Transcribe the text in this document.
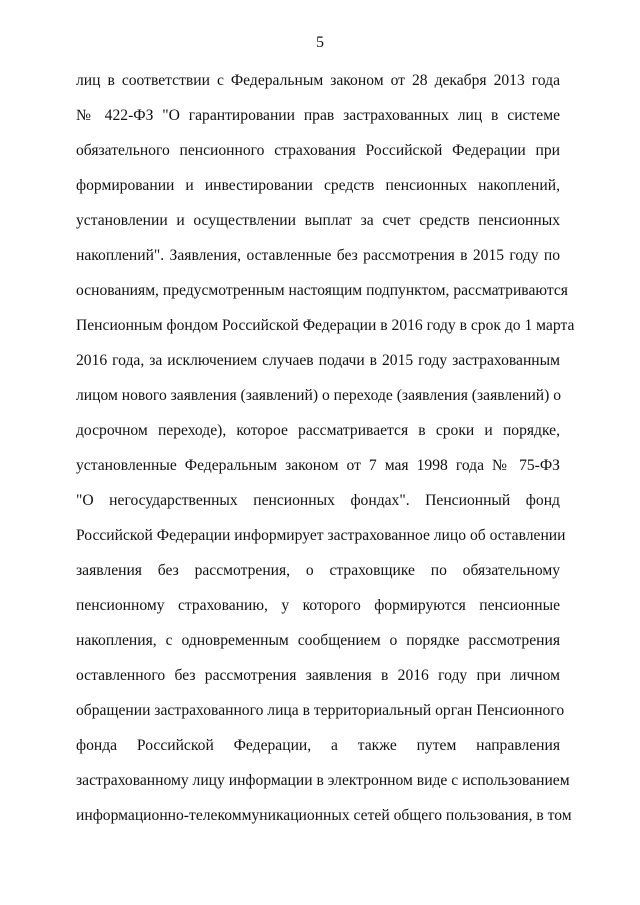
5
лиц в соответствии с Федеральным законом от 28 декабря 2013 года
№ 422-ФЗ "О гарантировании прав застрахованных лиц в системе
обязательного пенсионного страхования Российской Федерации при
формировании и инвестировании средств пенсионных накоплений,
установлении и осуществлении выплат за счет средств пенсионных
накоплений". Заявления, оставленные без рассмотрения в 2015 году по
основаниям, предусмотренным настоящим подпунктом, рассматриваются
Пенсионным фондом Российской Федерации в 2016 году в срок до 1 марта
2016 года, за исключением случаев подачи в 2015 году застрахованным
лицом нового заявления (заявлений) о переходе (заявления (заявлений) о
досрочном переходе), которое рассматривается в сроки и порядке,
установленные Федеральным законом от 7 мая 1998 года № 75-ФЗ
"О негосударственных пенсионных фондах". Пенсионный фонд
Российской Федерации информирует застрахованное лицо об оставлении
заявления без рассмотрения, о страховщике по обязательному
пенсионному страхованию, у которого формируются пенсионные
накопления, с одновременным сообщением о порядке рассмотрения
оставленного без рассмотрения заявления в 2016 году при личном
обращении застрахованного лица в территориальный орган Пенсионного
фонда Российской Федерации, а также путем направления
застрахованному лицу информации в электронном виде с использованием
информационно-телекоммуникационных сетей общего пользования, в том
